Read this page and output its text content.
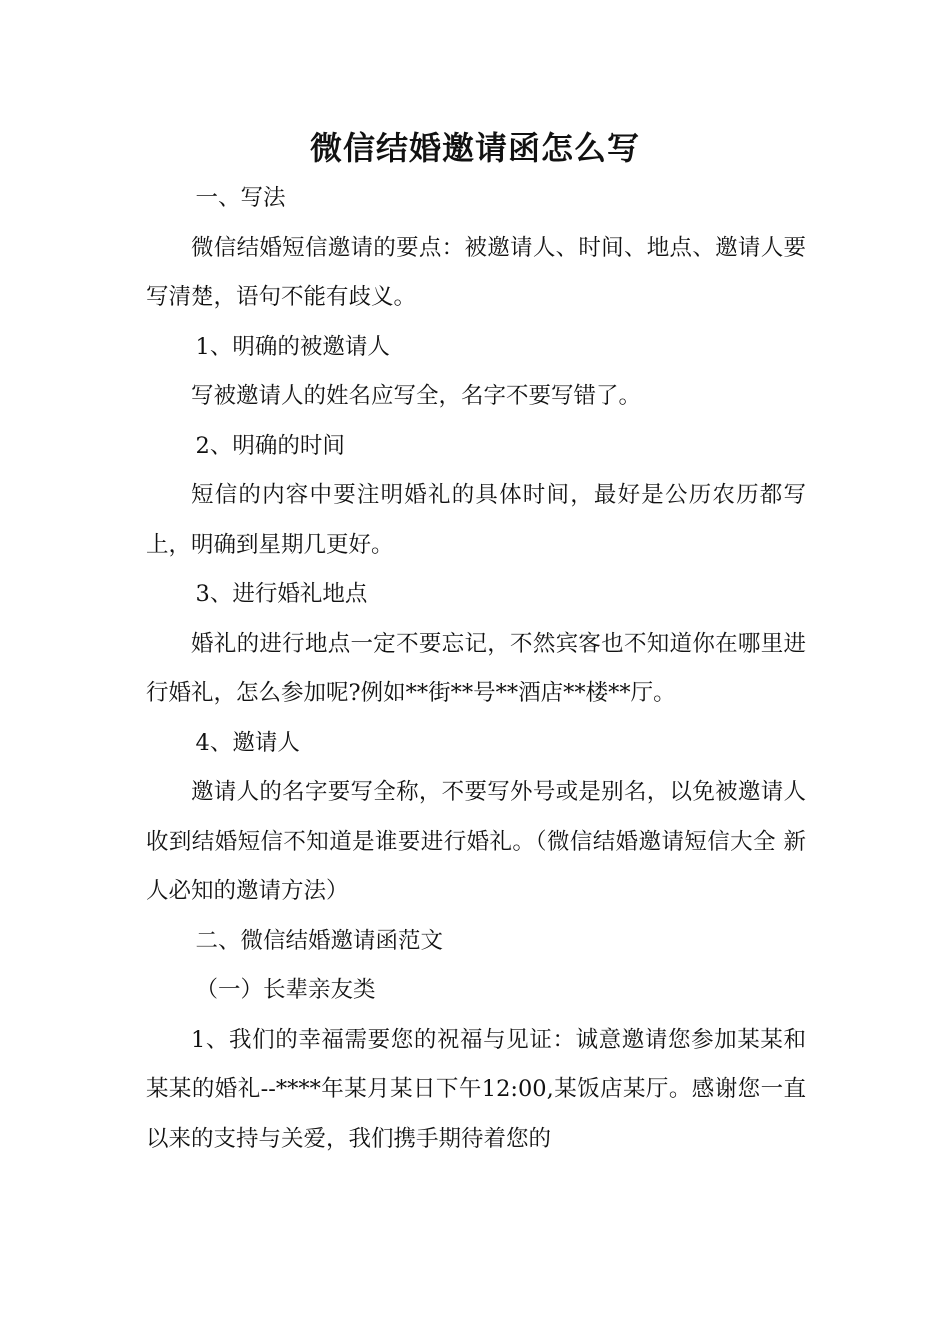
微信结婚邀请函怎么写

一、写法

微信结婚短信邀请的要点：被邀请人、时间、地点、邀请人要写清楚，语句不能有歧义。

1、明确的被邀请人

写被邀请人的姓名应写全，名字不要写错了。

2、明确的时间

短信的内容中要注明婚礼的具体时间，最好是公历农历都写上，明确到星期几更好。

3、进行婚礼地点

婚礼的进行地点一定不要忘记，不然宾客也不知道你在哪里进行婚礼，怎么参加呢?例如**街**号**酒店**楼**厅。

4、邀请人

邀请人的名字要写全称，不要写外号或是别名，以免被邀请人收到结婚短信不知道是谁要进行婚礼。（微信结婚邀请短信大全 新人必知的邀请方法）

二、微信结婚邀请函范文

（一）长辈亲友类

1、我们的幸福需要您的祝福与见证：诚意邀请您参加某某和某某的婚礼--****年某月某日下午12:00,某饭店某厅。感谢您一直以来的支持与关爱，我们携手期待着您的
